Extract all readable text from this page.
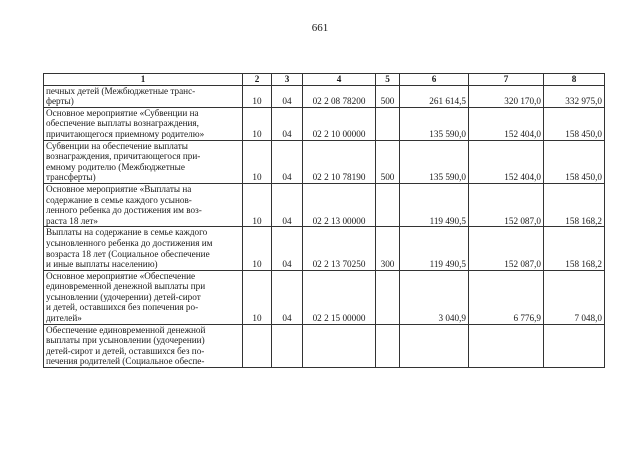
661
1	2	3	4	5	6	7	8

печных детей (Межбюджетные транс-
ферты)	10	04	02 2 08 78200	500	261 614,5	320 170,0	332 975,0

Основное мероприятие «Субвенции на
обеспечение выплаты вознаграждения,
причитающегося приемному родителю»	10	04	02 2 10 00000		135 590,0	152 404,0	158 450,0

Субвенции на обеспечение выплаты
вознаграждения, причитающегося при-
емному родителю (Межбюджетные
трансферты)	10	04	02 2 10 78190	500	135 590,0	152 404,0	158 450,0

Основное мероприятие «Выплаты на
содержание в семье каждого усынов-
ленного ребенка до достижения им воз-
раста 18 лет»	10	04	02 2 13 00000		119 490,5	152 087,0	158 168,2

Выплаты на содержание в семье каждого
усыновленного ребенка до достижения им
возраста 18 лет (Социальное обеспечение
и иные выплаты населению)	10	04	02 2 13 70250	300	119 490,5	152 087,0	158 168,2

Основное мероприятие «Обеспечение
единовременной денежной выплаты при
усыновлении (удочерении) детей-сирот
и детей, оставшихся без попечения ро-
дителей»	10	04	02 2 15 00000		3 040,9	6 776,9	7 048,0

Обеспечение единовременной денежной
выплаты при усыновлении (удочерении)
детей-сирот и детей, оставшихся без по-
печения родителей (Социальное обеспе-							
